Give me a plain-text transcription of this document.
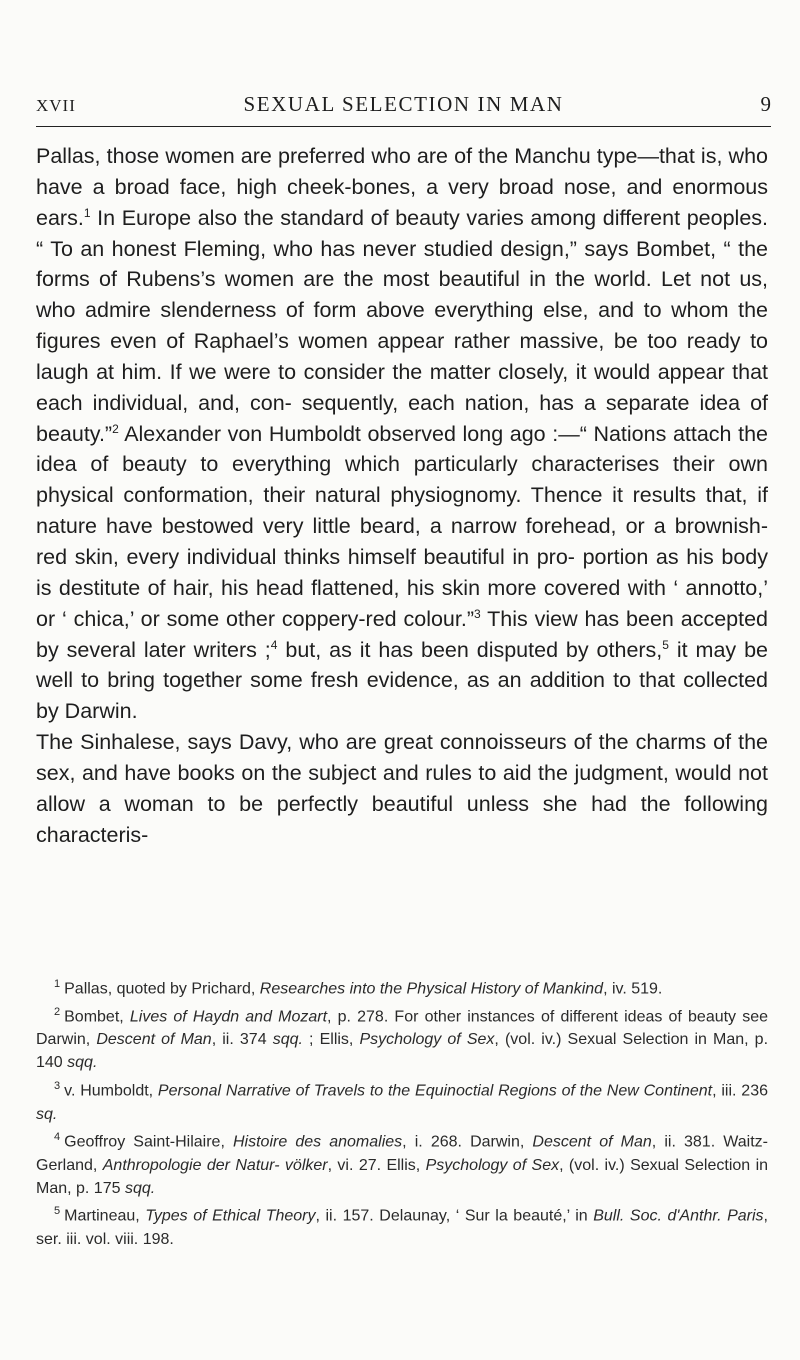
XVII	SEXUAL SELECTION IN MAN	9

Pallas, those women are preferred who are of the Manchu type—that is, who have a broad face, high cheek-bones, a very broad nose, and enormous ears.$^1$ In Europe also the standard of beauty varies among different peoples. “ To an honest Fleming, who has never studied design,” says Bombet, “ the forms of Rubens’s women are the most beautiful in the world. Let not us, who admire slenderness of form above everything else, and to whom the figures even of Raphael’s women appear rather massive, be too ready to laugh at him. If we were to consider the matter closely, it would appear that each individual, and, con- sequently, each nation, has a separate idea of beauty.”$^2$ Alexander von Humboldt observed long ago :—“ Nations attach the idea of beauty to everything which particularly characterises their own physical conformation, their natural physiognomy. Thence it results that, if nature have bestowed very little beard, a narrow forehead, or a brownish- red skin, every individual thinks himself beautiful in pro- portion as his body is destitute of hair, his head flattened, his skin more covered with ‘ annotto,’ or ‘ chica,’ or some other coppery-red colour.”$^3$ This view has been accepted by several later writers ;$^4$ but, as it has been disputed by others,$^5$ it may be well to bring together some fresh evidence, as an addition to that collected by Darwin.

The Sinhalese, says Davy, who are great connoisseurs of the charms of the sex, and have books on the subject and rules to aid the judgment, would not allow a woman to be perfectly beautiful unless she had the following characteris-

$^1$ Pallas, quoted by Prichard, Researches into the Physical History of Mankind, iv. 519.

$^2$ Bombet, Lives of Haydn and Mozart, p. 278. For other instances of different ideas of beauty see Darwin, Descent of Man, ii. 374 sqq. ; Ellis, Psychology of Sex, (vol. iv.) Sexual Selection in Man, p. 140 sqq.

$^3$ v. Humboldt, Personal Narrative of Travels to the Equinoctial Regions of the New Continent, iii. 236 sq.

$^4$ Geoffroy Saint-Hilaire, Histoire des anomalies, i. 268. Darwin, Descent of Man, ii. 381. Waitz-Gerland, Anthropologie der Natur- völker, vi. 27. Ellis, Psychology of Sex, (vol. iv.) Sexual Selection in Man, p. 175 sqq.

$^5$ Martineau, Types of Ethical Theory, ii. 157. Delaunay, ‘ Sur la beauté,’ in Bull. Soc. d'Anthr. Paris, ser. iii. vol. viii. 198.
